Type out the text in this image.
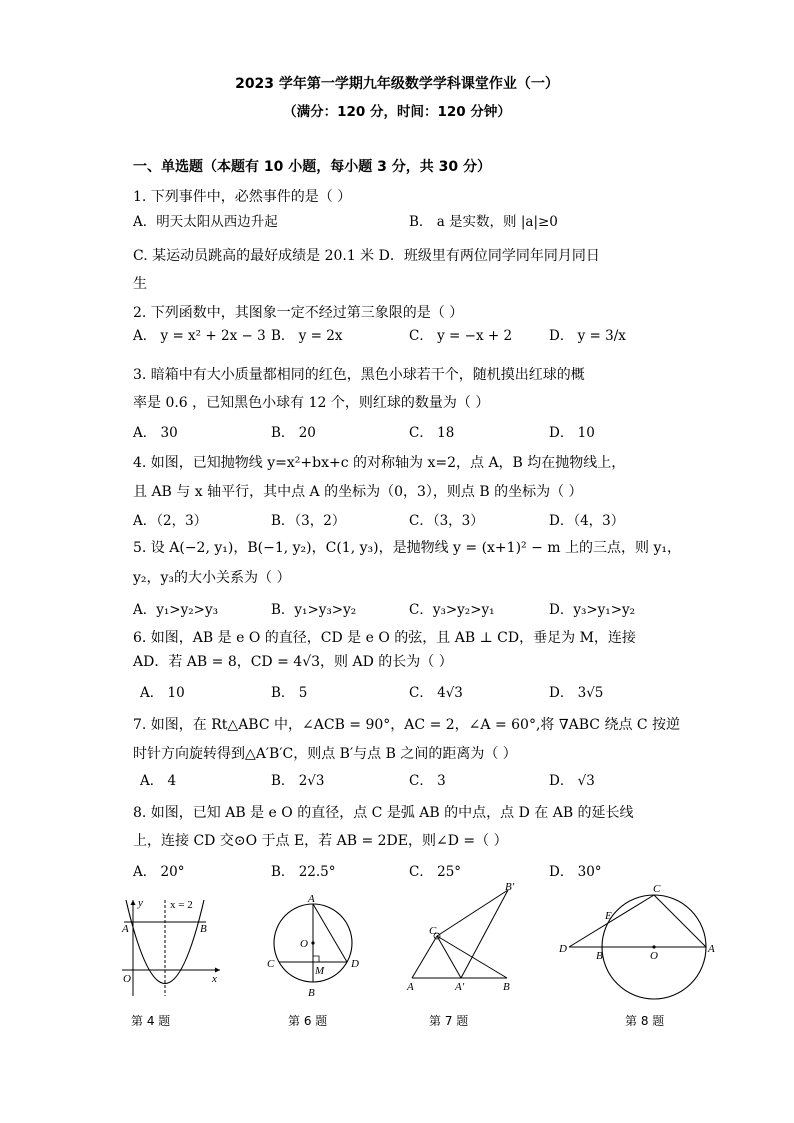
2023 学年第一学期九年级数学学科课堂作业（一）
（满分：120 分，时间：120 分钟）
一、单选题（本题有 10 小题，每小题 3 分，共 30 分）
1. 下列事件中，必然事件的是（ ）
A．明天太阳从西边升起	B． a 是实数，则 |a|≥0
C. 某运动员跳高的最好成绩是 20.1 米 D．班级里有两位同学同年同月同日
生
2. 下列函数中，其图象一定不经过第三象限的是（ ）
A． y = x² + 2x − 3 B． y = 2x	C． y = −x + 2	D． y = 3/x
3. 暗箱中有大小质量都相同的红色，黑色小球若干个，随机摸出红球的概
率是 0.6 ，已知黑色小球有 12 个，则红球的数量为（ ）
A． 30	B． 20	C． 18	D． 10
4. 如图，已知抛物线 y=x²+bx+c 的对称轴为 x=2，点 A，B 均在抛物线上，
且 AB 与 x 轴平行，其中点 A 的坐标为（0，3），则点 B 的坐标为（ ）
A．（2，3）	B．（3，2）	C．（3，3）	D．（4，3）
5. 设 A(−2, y₁)，B(−1, y₂)，C(1, y₃)，是抛物线 y = (x+1)² − m 上的三点，则 y₁，
y₂，y₃的大小关系为（ ）
A．y₁>y₂>y₃	B．y₁>y₃>y₂	C．y₃>y₂>y₁	D．y₃>y₁>y₂
6. 如图，AB 是 e O 的直径，CD 是 e O 的弦，且 AB ⊥ CD，垂足为 M，连接
AD．若 AB = 8，CD = 4√3，则 AD 的长为（ ）
A． 10	B． 5	C． 4√3	D． 3√5
7. 如图，在 Rt△ABC 中，∠ACB = 90°，AC = 2，∠A = 60°,将 ∇ABC 绕点 C 按逆
时针方向旋转得到△A′B′C，则点 B′与点 B 之间的距离为（ ）
A． 4	B． 2√3	C． 3	D． √3
8. 如图，已知 AB 是 e O 的直径，点 C 是弧 AB 的中点，点 D 在 AB 的延长线
上，连接 CD 交⊙O 于点 E，若 AB = 2DE，则∠D =（ ）
A． 20°	B． 22.5°	C． 25°	D． 30°
y
x
O
A	B
x = 2
第 4 题
A
B
C	D
O
M
第 6 题
A	B
C
A′
B′
第 7 题
D
B	O
A
C
E
第 8 题
